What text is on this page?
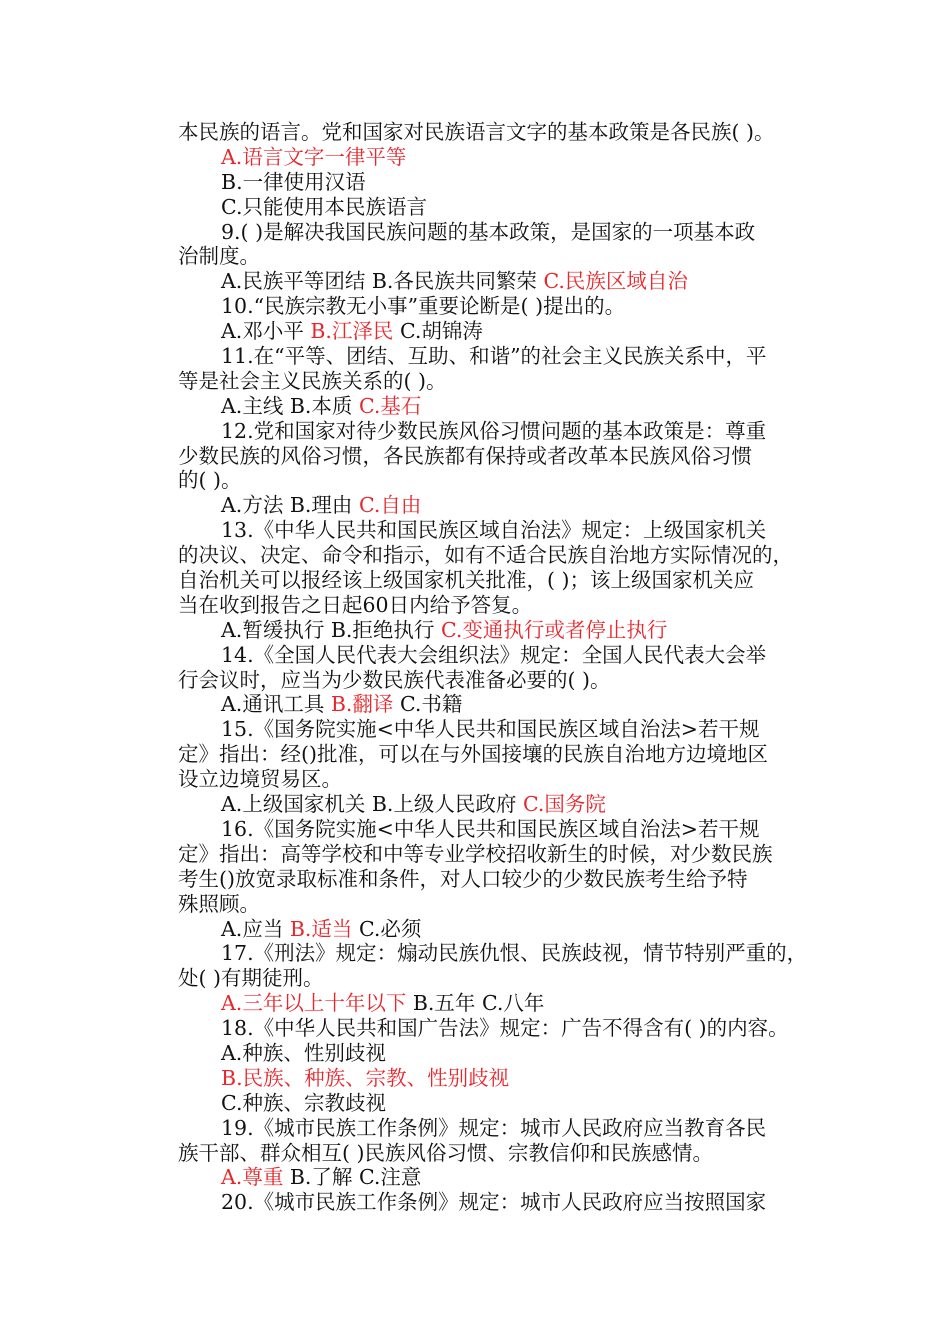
本民族的语言。党和国家对民族语言文字的基本政策是各民族( )。
A.语言文字一律平等
B.一律使用汉语
C.只能使用本民族语言
9.( )是解决我国民族问题的基本政策，是国家的一项基本政
治制度。
A.民族平等团结 B.各民族共同繁荣 C.民族区域自治
10.“民族宗教无小事”重要论断是( )提出的。
A.邓小平 B.江泽民 C.胡锦涛
11.在“平等、团结、互助、和谐”的社会主义民族关系中，平
等是社会主义民族关系的( )。
A.主线 B.本质 C.基石
12.党和国家对待少数民族风俗习惯问题的基本政策是：尊重
少数民族的风俗习惯，各民族都有保持或者改革本民族风俗习惯
的( )。
A.方法 B.理由 C.自由
13.《中华人民共和国民族区域自治法》规定：上级国家机关
的决议、决定、命令和指示，如有不适合民族自治地方实际情况的，
自治机关可以报经该上级国家机关批准，( )；该上级国家机关应
当在收到报告之日起60日内给予答复。
A.暂缓执行 B.拒绝执行 C.变通执行或者停止执行
14.《全国人民代表大会组织法》规定：全国人民代表大会举
行会议时，应当为少数民族代表准备必要的( )。
A.通讯工具 B.翻译 C.书籍
15.《国务院实施<中华人民共和国民族区域自治法>若干规
定》指出：经()批准，可以在与外国接壤的民族自治地方边境地区
设立边境贸易区。
A.上级国家机关 B.上级人民政府 C.国务院
16.《国务院实施<中华人民共和国民族区域自治法>若干规
定》指出：高等学校和中等专业学校招收新生的时候，对少数民族
考生()放宽录取标准和条件，对人口较少的少数民族考生给予特
殊照顾。
A.应当 B.适当 C.必须
17.《刑法》规定：煽动民族仇恨、民族歧视，情节特别严重的，
处( )有期徒刑。
A.三年以上十年以下 B.五年 C.八年
18.《中华人民共和国广告法》规定：广告不得含有( )的内容。
A.种族、性别歧视
B.民族、种族、宗教、性别歧视
C.种族、宗教歧视
19.《城市民族工作条例》规定：城市人民政府应当教育各民
族干部、群众相互( )民族风俗习惯、宗教信仰和民族感情。
A.尊重 B.了解 C.注意
20.《城市民族工作条例》规定：城市人民政府应当按照国家
